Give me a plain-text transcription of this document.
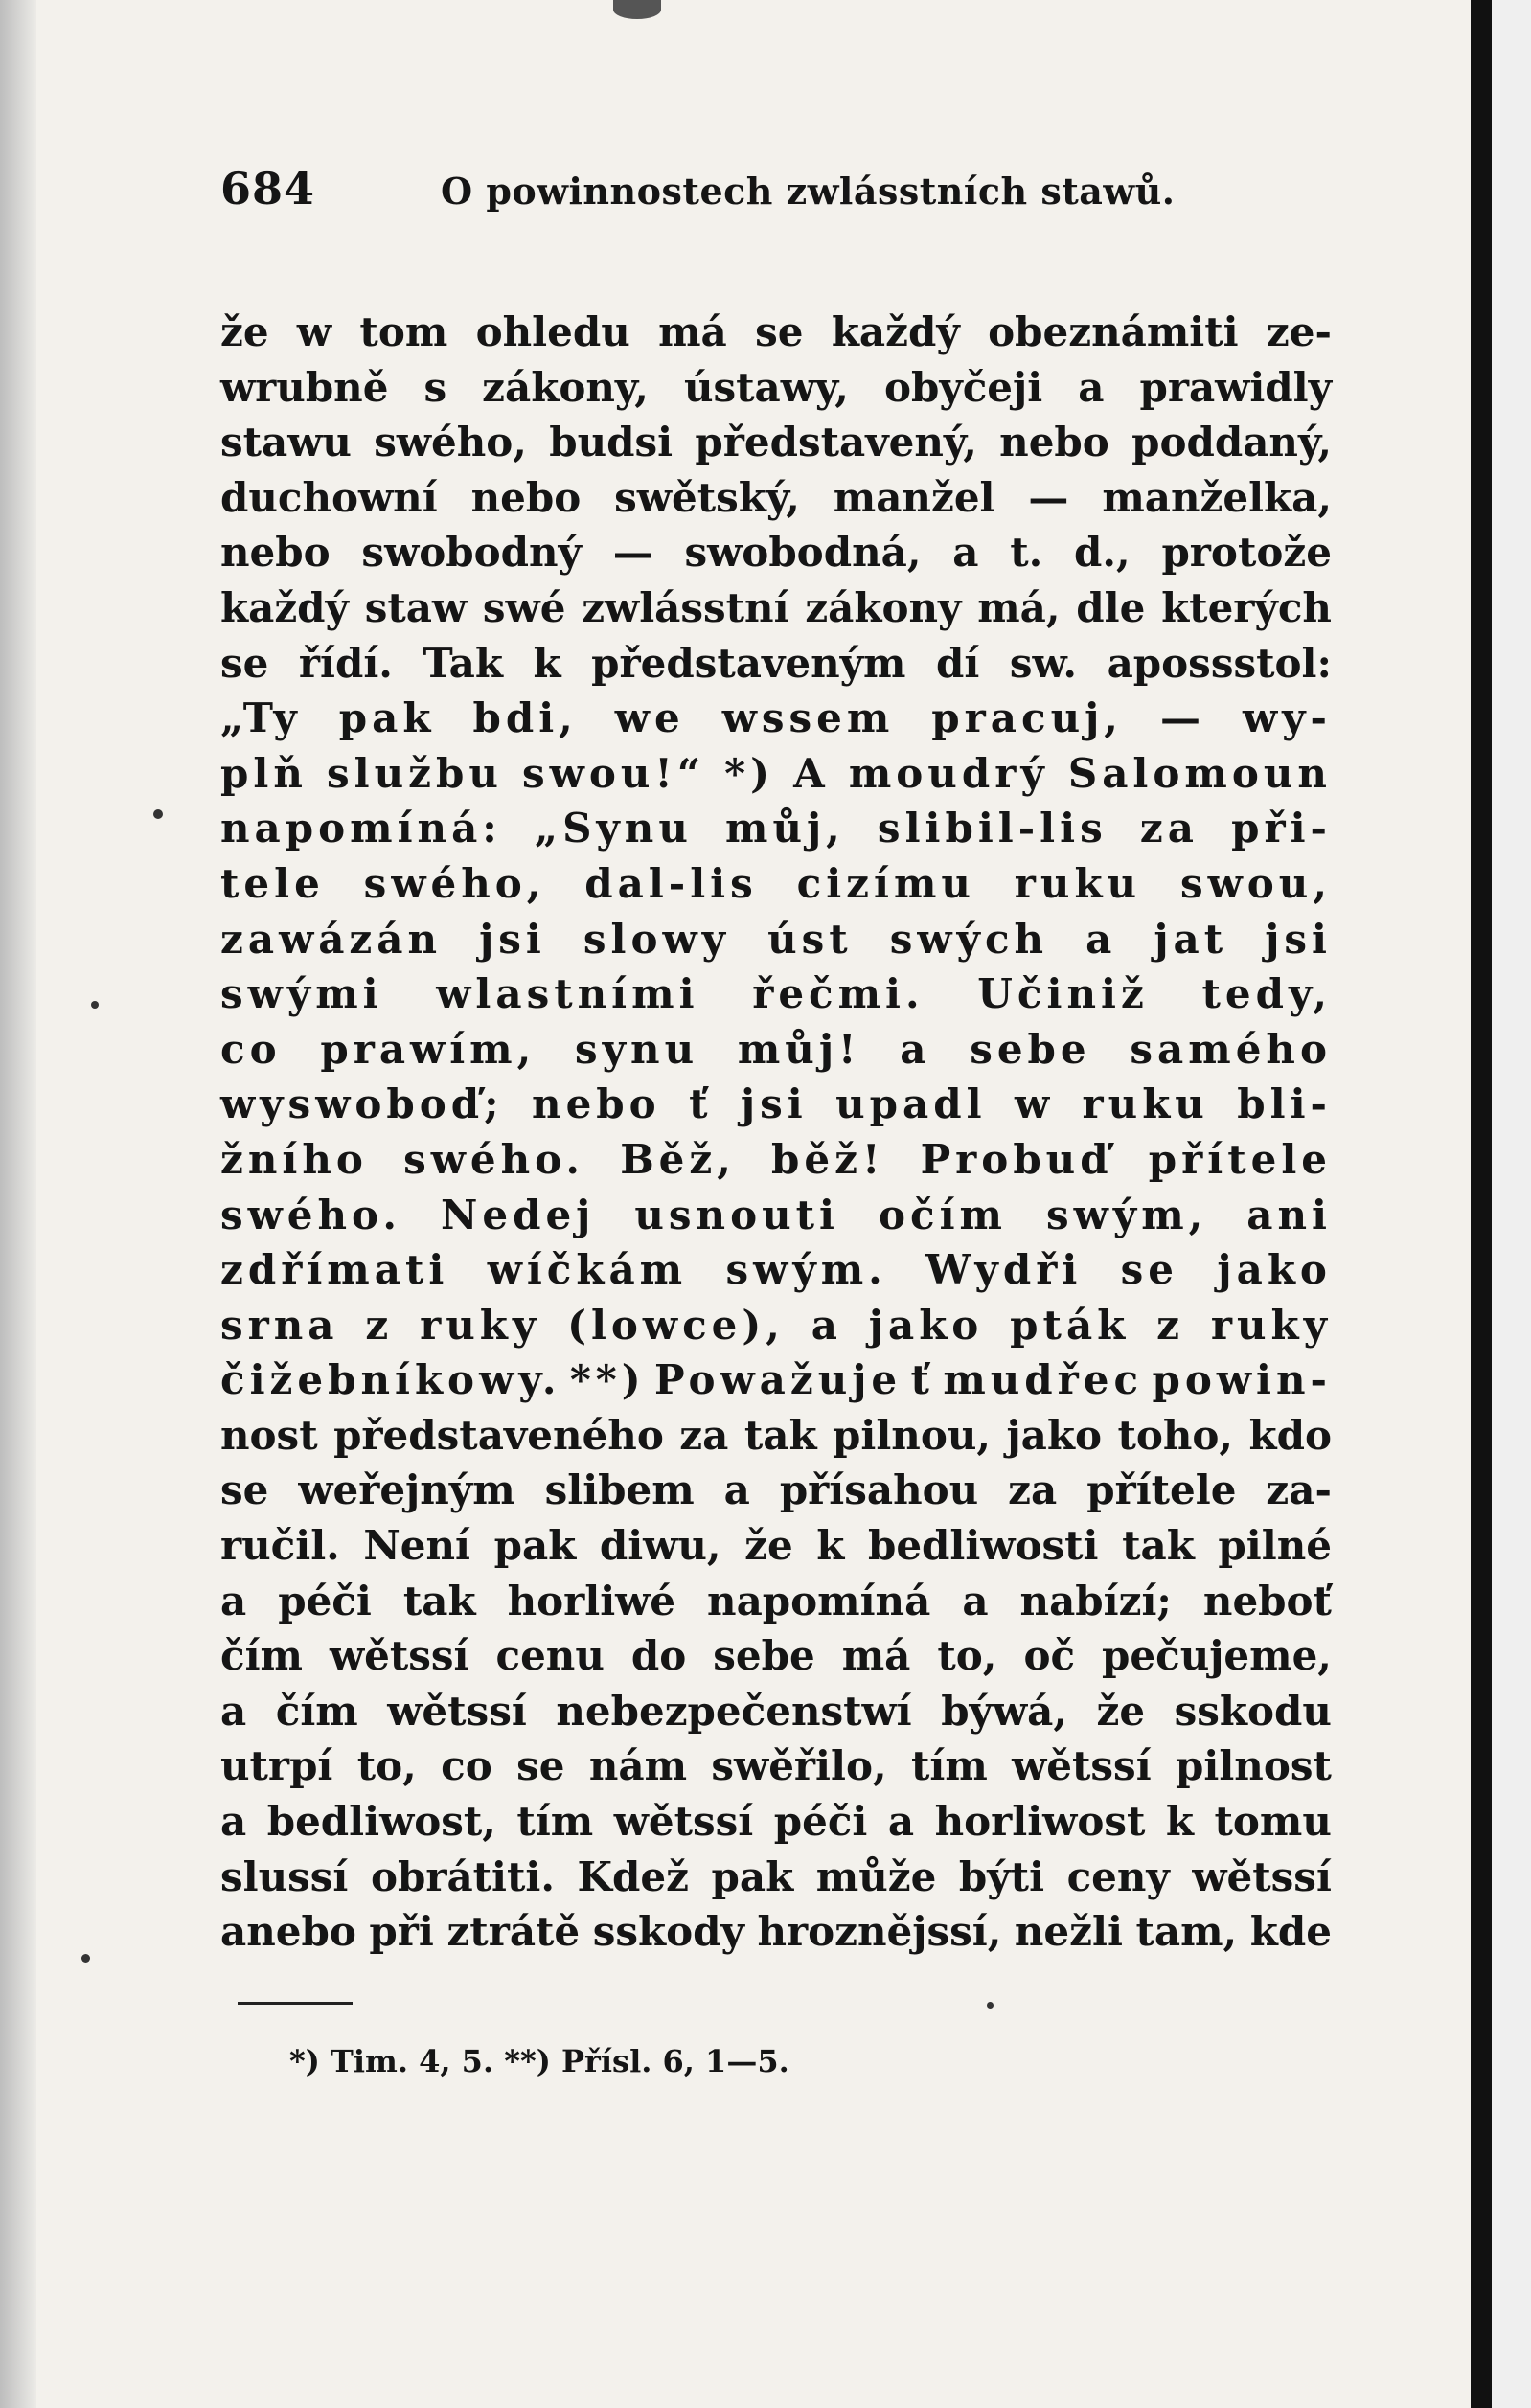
684	O powinnostech zwlásstních stawů.
že w tom ohledu má se každý obeznámiti ze-
wrubně s zákony, ústawy, obyčeji a prawidly
stawu swého, budsi představený, nebo poddaný,
duchowní nebo swětský, manžel — manželka,
nebo swobodný — swobodná, a t. d., protože
každý staw swé zwlásstní zákony má, dle kterých
se řídí. Tak k představeným dí sw. apossstol:
„Ty pak bdi, we wssem pracuj, — wy-
plň službu swou!“ *) A moudrý Salomoun
napomíná: „Synu můj, slibil-lis za při-
tele swého, dal-lis cizímu ruku swou,
zawázán jsi slowy úst swých a jat jsi
swými wlastními řečmi. Učiniž tedy,
co prawím, synu můj! a sebe samého
wyswoboď; nebo ť jsi upadl w ruku bli-
žního swého. Běž, běž! Probuď přítele
swého. Nedej usnouti očím swým, ani
zdřímati wíčkám swým. Wydři se jako
srna z ruky (lowce), a jako pták z ruky
čižebníkowy. **) Powažuje ť mudřec powin-
nost představeného za tak pilnou, jako toho, kdo
se weřejným slibem a přísahou za přítele za-
ručil. Není pak diwu, že k bedliwosti tak pilné
a péči tak horliwé napomíná a nabízí; neboť
čím wětssí cenu do sebe má to, oč pečujeme,
a čím wětssí nebezpečenstwí býwá, že sskodu
utrpí to, co se nám swěřilo, tím wětssí pilnost
a bedliwost, tím wětssí péči a horliwost k tomu
slussí obrátiti. Kdež pak může býti ceny wětssí
anebo při ztrátě sskody hroznějssí, nežli tam, kde
*) Tim. 4, 5. **) Přísl. 6, 1—5.
